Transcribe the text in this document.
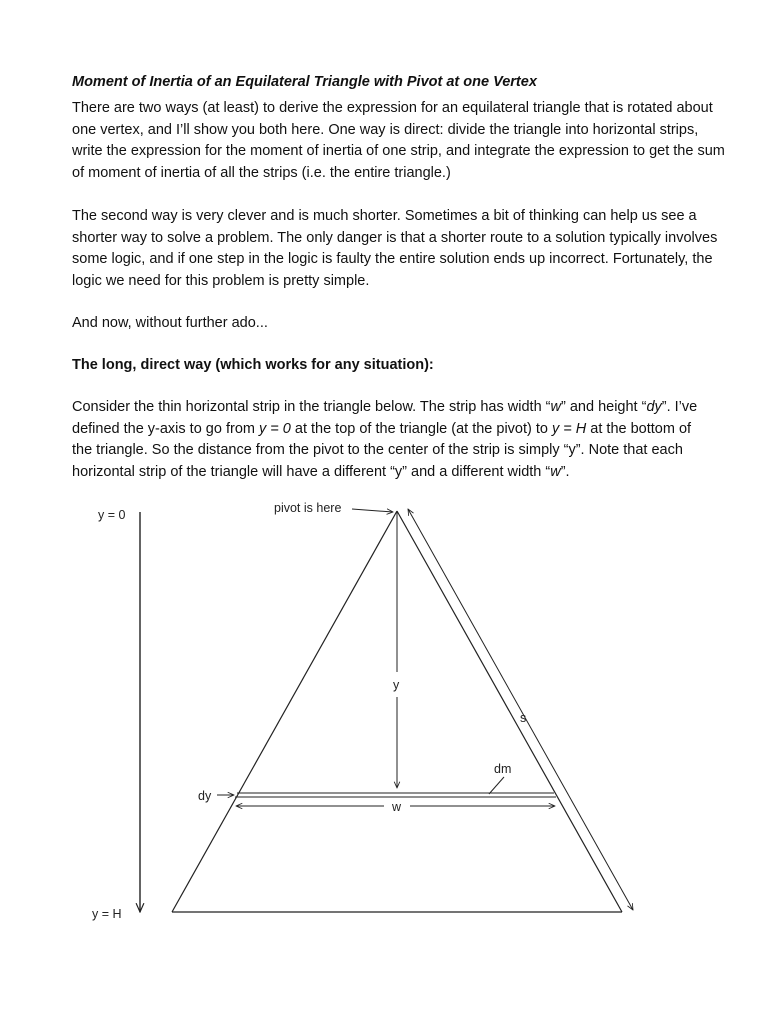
Moment of Inertia of an Equilateral Triangle with Pivot at one Vertex
There are two ways (at least) to derive the expression for an equilateral triangle that is rotated about
one vertex, and I’ll show you both here. One way is direct: divide the triangle into horizontal strips,
write the expression for the moment of inertia of one strip, and integrate the expression to get the sum
of moment of inertia of all the strips (i.e. the entire triangle.)
The second way is very clever and is much shorter. Sometimes a bit of thinking can help us see a
shorter way to solve a problem. The only danger is that a shorter route to a solution typically involves
some logic, and if one step in the logic is faulty the entire solution ends up incorrect. Fortunately, the
logic we need for this problem is pretty simple.
And now, without further ado...
The long, direct way (which works for any situation):
Consider the thin horizontal strip in the triangle below. The strip has width “w” and height “dy”. I’ve
defined the y-axis to go from y = 0 at the top of the triangle (at the pivot) to y = H at the bottom of
the triangle. So the distance from the pivot to the center of the strip is simply “y”. Note that each
horizontal strip of the triangle will have a different “y” and a different width “w”.
y = 0
y = H
pivot is here
y
s
dm
dy
w
